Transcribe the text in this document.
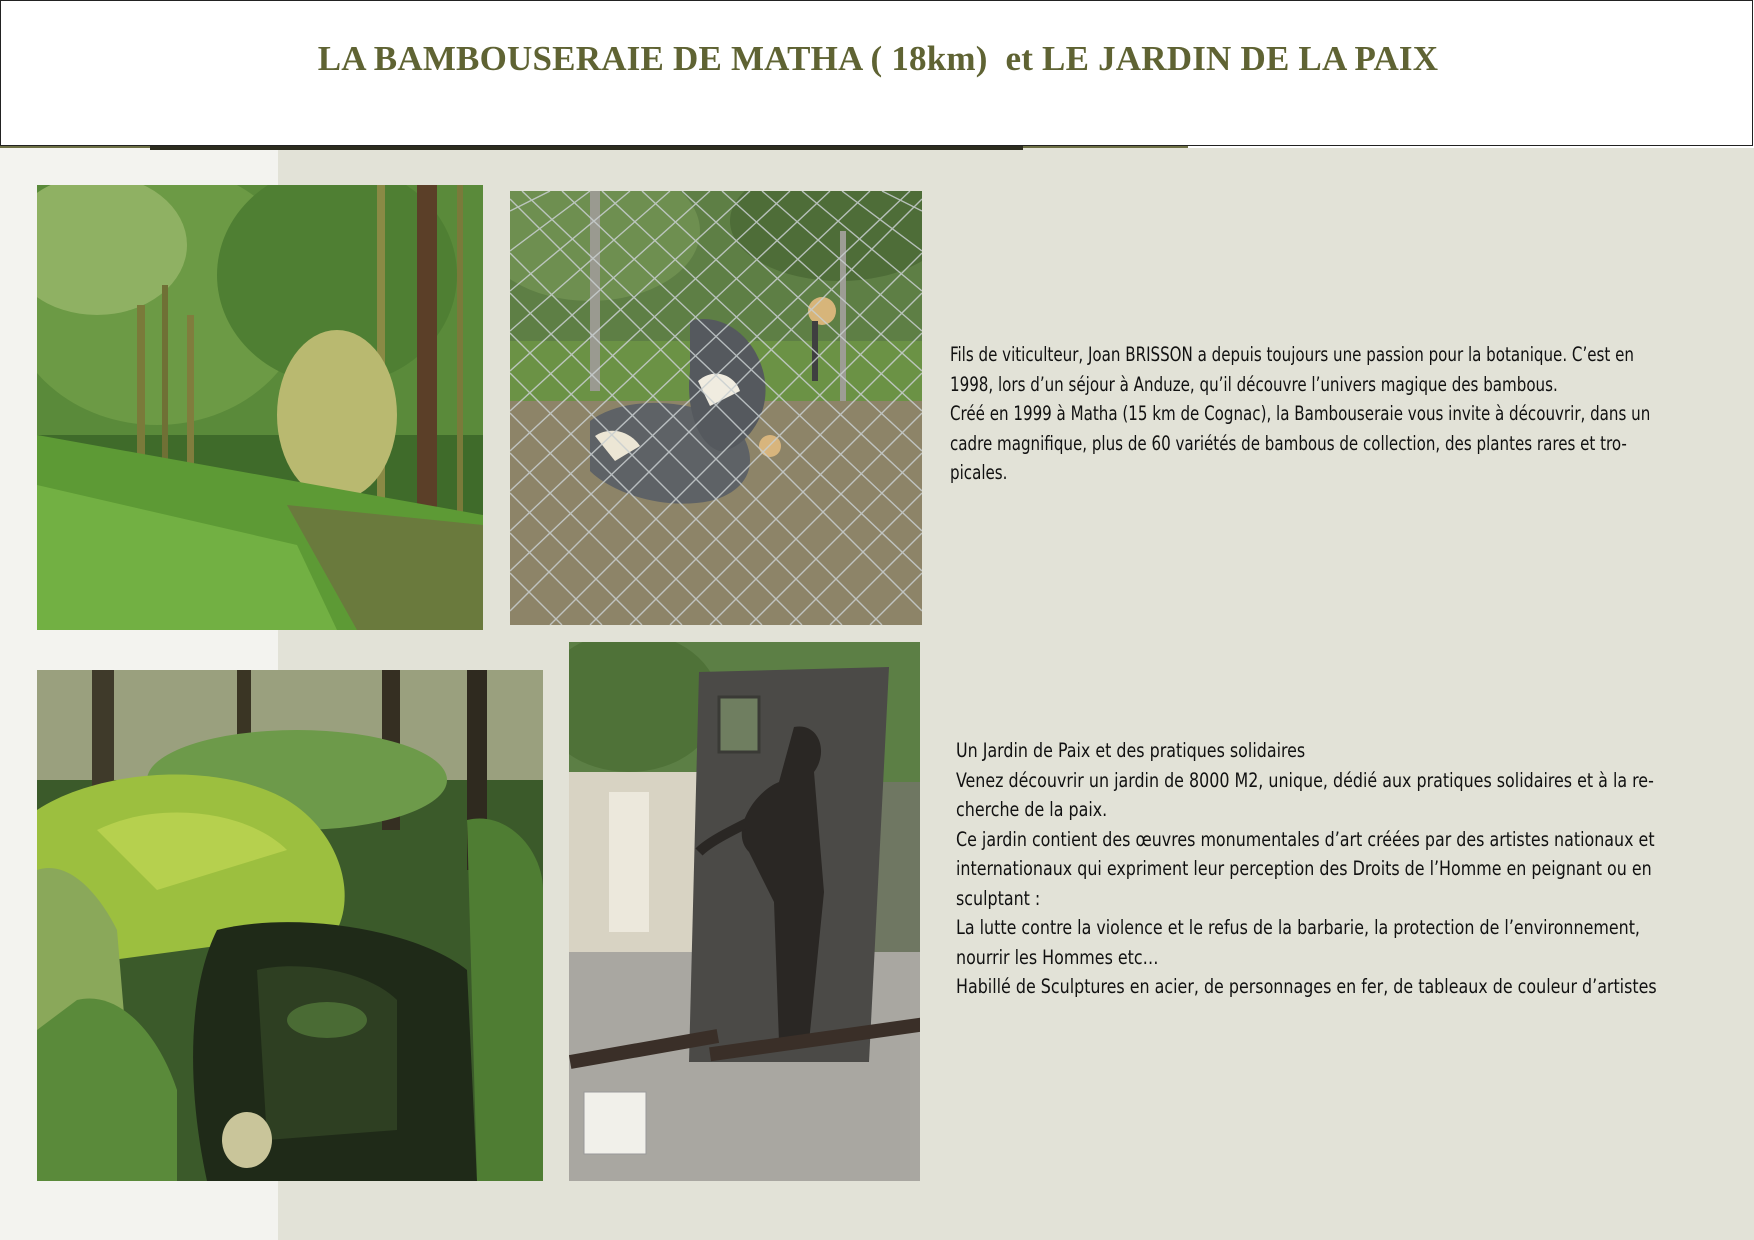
LA BAMBOUSERAIE DE MATHA ( 18km)  et LE JARDIN DE LA PAIX
Fils de viticulteur, Joan BRISSON a depuis toujours une passion pour la botanique. C’est en
1998, lors d’un séjour à Anduze, qu’il découvre l’univers magique des bambous.
Créé en 1999 à Matha (15 km de Cognac), la Bambouseraie vous invite à découvrir, dans un
cadre magnifique, plus de 60 variétés de bambous de collection, des plantes rares et tro-
picales.
Un Jardin de Paix et des pratiques solidaires
Venez découvrir un jardin de 8000 M2, unique, dédié aux pratiques solidaires et à la re-
cherche de la paix.
Ce jardin contient des œuvres monumentales d’art créées par des artistes nationaux et
internationaux qui expriment leur perception des Droits de l’Homme en peignant ou en
sculptant :
La lutte contre la violence et le refus de la barbarie, la protection de l’environnement,
nourrir les Hommes etc…
Habillé de Sculptures en acier, de personnages en fer, de tableaux de couleur d’artistes
